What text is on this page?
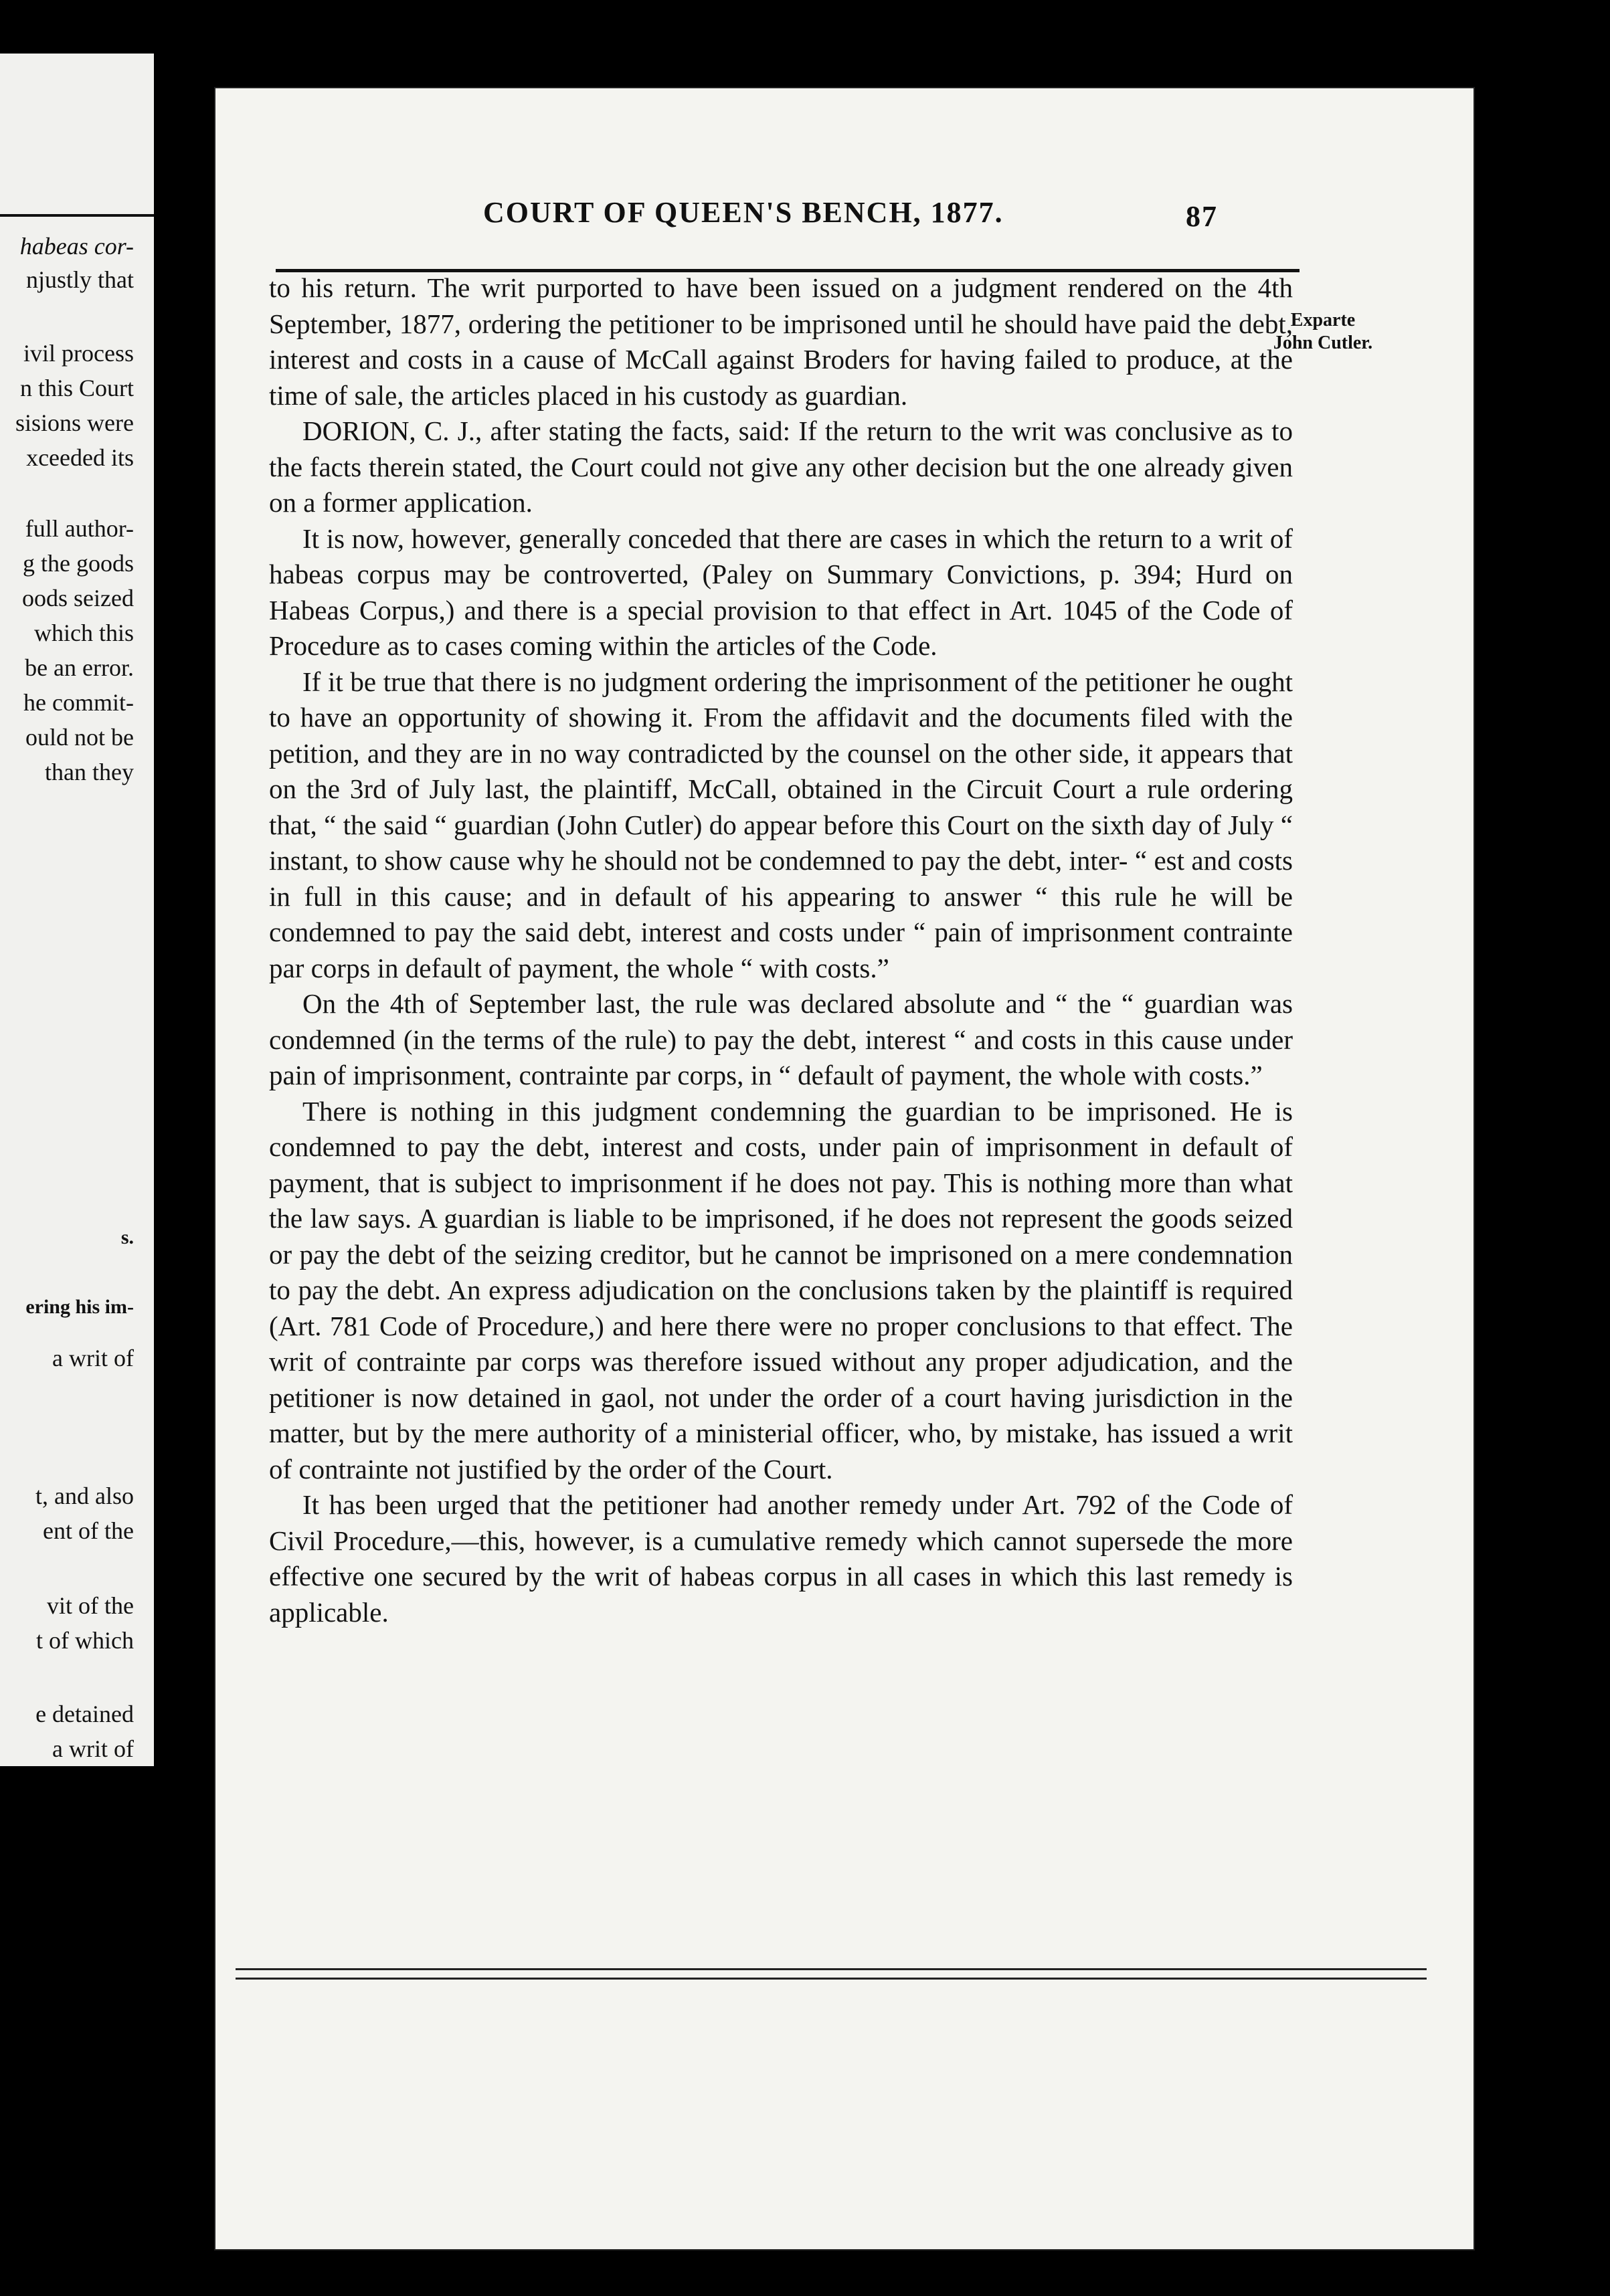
habeas cor-
njustly that
ivil process
n this Court
sisions were
xceeded its
full author-
g the goods
oods seized
which this
be an error.
he commit-
ould not be
than they
s.
ering his im-
a writ of
t, and also
ent of the
vit of the
t of which
e detained
a writ of
COURT OF QUEEN'S BENCH, 1877.	87
Exparte
John Cutler.

to his return. The writ purported to have been issued on a judgment rendered on the 4th September, 1877, ordering the petitioner to be imprisoned until he should have paid the debt, interest and costs in a cause of McCall against Broders for having failed to produce, at the time of sale, the articles placed in his custody as guardian.

DORION, C. J., after stating the facts, said: If the return to the writ was conclusive as to the facts therein stated, the Court could not give any other decision but the one already given on a former application.

It is now, however, generally conceded that there are cases in which the return to a writ of habeas corpus may be controverted, (Paley on Summary Convictions, p. 394; Hurd on Habeas Corpus,) and there is a special provision to that effect in Art. 1045 of the Code of Procedure as to cases coming within the articles of the Code.

If it be true that there is no judgment ordering the imprisonment of the petitioner he ought to have an opportunity of showing it. From the affidavit and the documents filed with the petition, and they are in no way contradicted by the counsel on the other side, it appears that on the 3rd of July last, the plaintiff, McCall, obtained in the Circuit Court a rule ordering that, “ the said “ guardian (John Cutler) do appear before this Court on the sixth day of July “ instant, to show cause why he should not be condemned to pay the debt, inter- “ est and costs in full in this cause; and in default of his appearing to answer “ this rule he will be condemned to pay the said debt, interest and costs under “ pain of imprisonment contrainte par corps in default of payment, the whole “ with costs.”

On the 4th of September last, the rule was declared absolute and “ the “ guardian was condemned (in the terms of the rule) to pay the debt, interest “ and costs in this cause under pain of imprisonment, contrainte par corps, in “ default of payment, the whole with costs.”

There is nothing in this judgment condemning the guardian to be imprisoned. He is condemned to pay the debt, interest and costs, under pain of imprisonment in default of payment, that is subject to imprisonment if he does not pay. This is nothing more than what the law says. A guardian is liable to be imprisoned, if he does not represent the goods seized or pay the debt of the seizing creditor, but he cannot be imprisoned on a mere condemnation to pay the debt. An express adjudication on the conclusions taken by the plaintiff is required (Art. 781 Code of Procedure,) and here there were no proper conclusions to that effect. The writ of contrainte par corps was therefore issued without any proper adjudication, and the petitioner is now detained in gaol, not under the order of a court having jurisdiction in the matter, but by the mere authority of a ministerial officer, who, by mistake, has issued a writ of contrainte not justified by the order of the Court.

It has been urged that the petitioner had another remedy under Art. 792 of the Code of Civil Procedure,—this, however, is a cumulative remedy which cannot supersede the more effective one secured by the writ of habeas corpus in all cases in which this last remedy is applicable.
